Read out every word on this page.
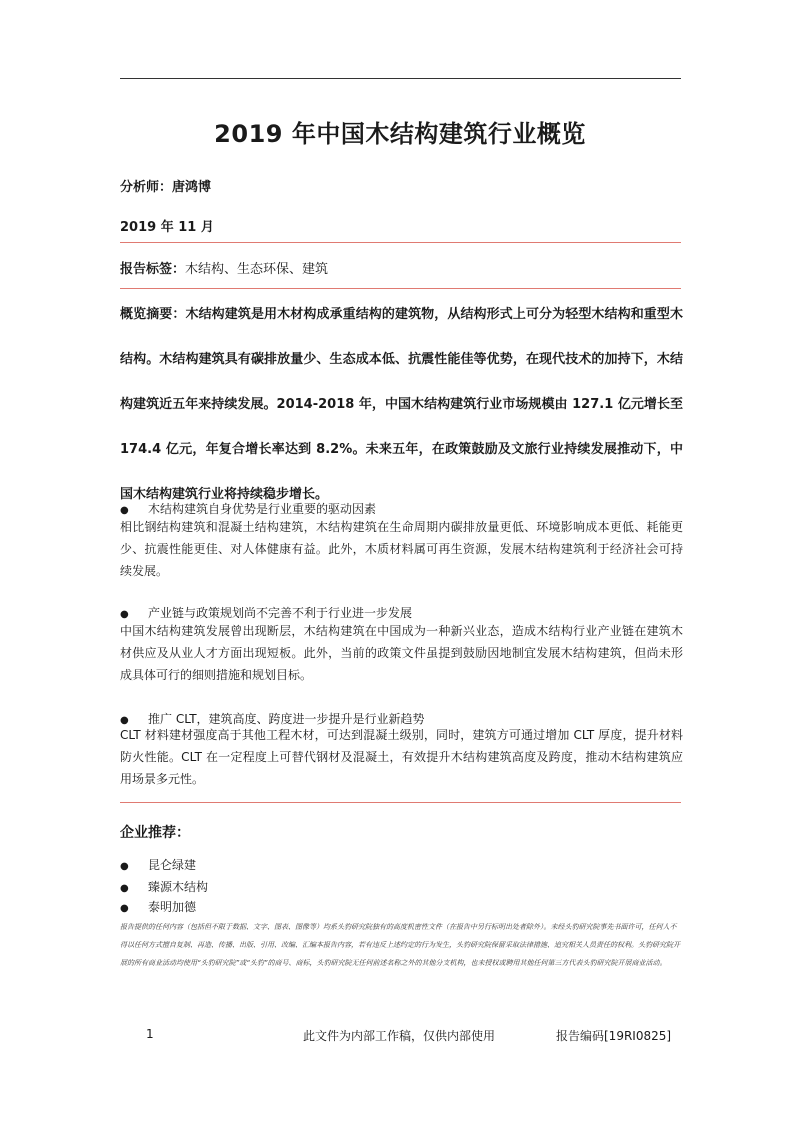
2019 年中国木结构建筑行业概览
分析师：唐鸿博
2019 年 11 月
报告标签：木结构、生态环保、建筑
概览摘要：木结构建筑是用木材构成承重结构的建筑物，从结构形式上可分为轻型木结构和重型木结构。木结构建筑具有碳排放量少、生态成本低、抗震性能佳等优势，在现代技术的加持下，木结构建筑近五年来持续发展。2014-2018 年，中国木结构建筑行业市场规模由 127.1 亿元增长至 174.4 亿元，年复合增长率达到 8.2%。未来五年，在政策鼓励及文旅行业持续发展推动下，中国木结构建筑行业将持续稳步增长。
● 木结构建筑自身优势是行业重要的驱动因素
相比钢结构建筑和混凝土结构建筑，木结构建筑在生命周期内碳排放量更低、环境影响成本更低、耗能更少、抗震性能更佳、对人体健康有益。此外，木质材料属可再生资源，发展木结构建筑利于经济社会可持续发展。
● 产业链与政策规划尚不完善不利于行业进一步发展
中国木结构建筑发展曾出现断层，木结构建筑在中国成为一种新兴业态，造成木结构行业产业链在建筑木材供应及从业人才方面出现短板。此外，当前的政策文件虽提到鼓励因地制宜发展木结构建筑，但尚未形成具体可行的细则措施和规划目标。
● 推广 CLT，建筑高度、跨度进一步提升是行业新趋势
CLT 材料建材强度高于其他工程木材，可达到混凝土级别，同时，建筑方可通过增加 CLT 厚度，提升材料防火性能。CLT 在一定程度上可替代钢材及混凝土，有效提升木结构建筑高度及跨度，推动木结构建筑应用场景多元性。
企业推荐：
● 昆仑绿建
● 臻源木结构
● 泰明加德
报告提供的任何内容（包括但不限于数据、文字、图表、图像等）均系头豹研究院独有的高度机密性文件（在报告中另行标明出处者除外）。未经头豹研究院事先书面许可，任何人不得以任何方式擅自复制、再造、传播、出版、引用、改编、汇编本报告内容，若有违反上述约定的行为发生，头豹研究院保留采取法律措施、追究相关人员责任的权利。头豹研究院开展的所有商业活动均使用“头豹研究院”或“头豹”的商号、商标，头豹研究院无任何前述名称之外的其他分支机构，也未授权或聘用其他任何第三方代表头豹研究院开展商业活动。
1	此文件为内部工作稿，仅供内部使用	报告编码[19RI0825]
